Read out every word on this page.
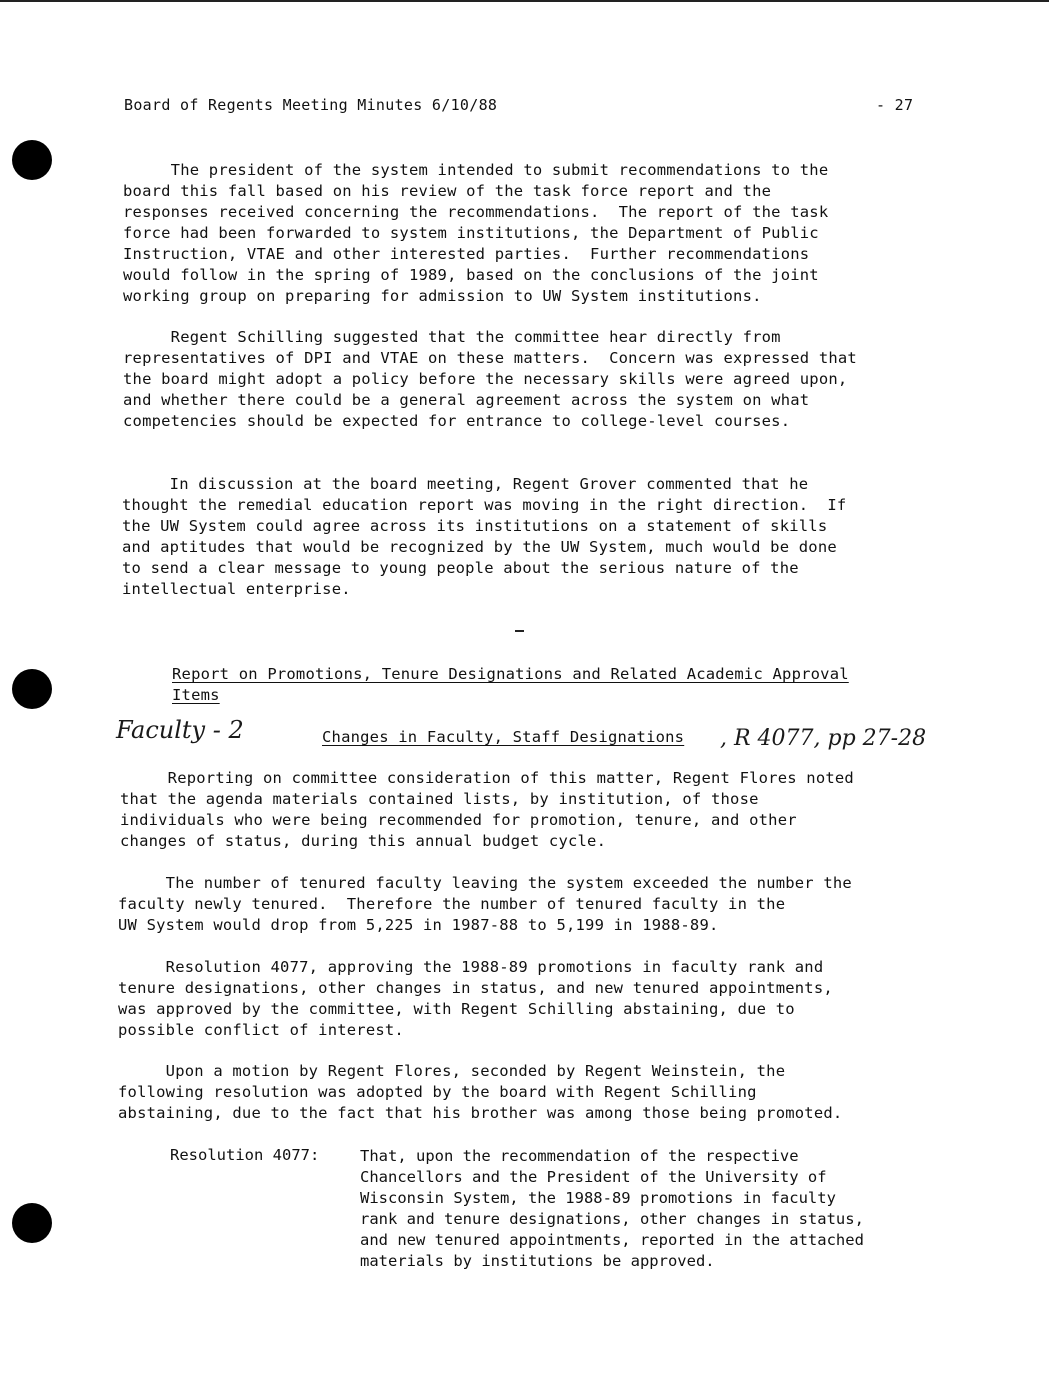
Board of Regents Meeting Minutes 6/10/88	- 27
The president of the system intended to submit recommendations to the
board this fall based on his review of the task force report and the
responses received concerning the recommendations.  The report of the task
force had been forwarded to system institutions, the Department of Public
Instruction, VTAE and other interested parties.  Further recommendations
would follow in the spring of 1989, based on the conclusions of the joint
working group on preparing for admission to UW System institutions.
Regent Schilling suggested that the committee hear directly from
representatives of DPI and VTAE on these matters.  Concern was expressed that
the board might adopt a policy before the necessary skills were agreed upon,
and whether there could be a general agreement across the system on what
competencies should be expected for entrance to college-level courses.
In discussion at the board meeting, Regent Grover commented that he
thought the remedial education report was moving in the right direction.  If
the UW System could agree across its institutions on a statement of skills
and aptitudes that would be recognized by the UW System, much would be done
to send a clear message to young people about the serious nature of the
intellectual enterprise.
Report on Promotions, Tenure Designations and Related Academic Approval
Items
Faculty - 2	Changes in Faculty, Staff Designations , R 4077, pp 27-28
Reporting on committee consideration of this matter, Regent Flores noted
that the agenda materials contained lists, by institution, of those
individuals who were being recommended for promotion, tenure, and other
changes of status, during this annual budget cycle.
The number of tenured faculty leaving the system exceeded the number the
faculty newly tenured.  Therefore the number of tenured faculty in the
UW System would drop from 5,225 in 1987-88 to 5,199 in 1988-89.
Resolution 4077, approving the 1988-89 promotions in faculty rank and
tenure designations, other changes in status, and new tenured appointments,
was approved by the committee, with Regent Schilling abstaining, due to
possible conflict of interest.
Upon a motion by Regent Flores, seconded by Regent Weinstein, the
following resolution was adopted by the board with Regent Schilling
abstaining, due to the fact that his brother was among those being promoted.
Resolution 4077:	That, upon the recommendation of the respective
Chancellors and the President of the University of
Wisconsin System, the 1988-89 promotions in faculty
rank and tenure designations, other changes in status,
and new tenured appointments, reported in the attached
materials by institutions be approved.
